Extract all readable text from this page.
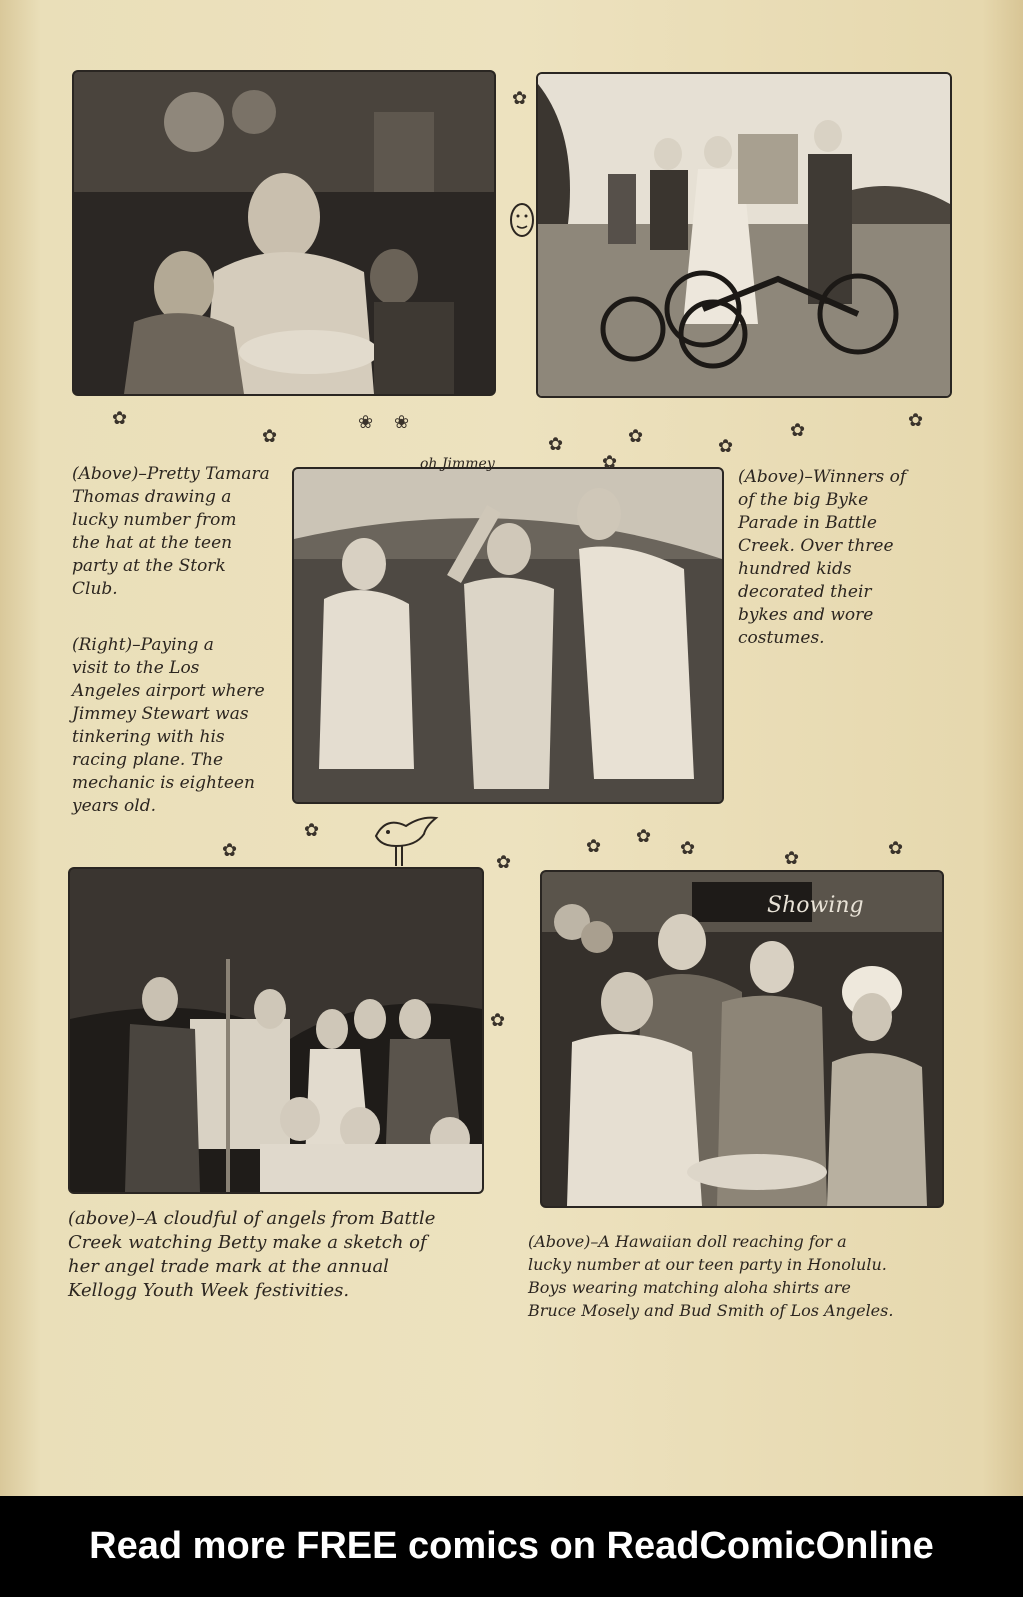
Showing
(Above)–Pretty Tamara
Thomas drawing a
lucky number from
the hat at the teen
party at the Stork
Club.
(Right)–Paying a
visit to the Los
Angeles airport where
Jimmey Stewart was
tinkering with his
racing plane. The
mechanic is eighteen
years old.
(Above)–Winners of
of the big Byke
Parade in Battle
Creek. Over three
hundred kids
decorated their
bykes and wore
costumes.
(above)–A cloudful of angels from Battle
Creek watching Betty make a sketch of
her angel trade mark at the annual
Kellogg Youth Week festivities.
(Above)–A Hawaiian doll reaching for a
lucky number at our teen party in Honolulu.
Boys wearing matching aloha shirts are
Bruce Mosely and Bud Smith of Los Angeles.
oh Jimmey
✿
✿
✿
❀ ❀
✿	✿
✿
✿
✿	✿
✿
✿	✿ ✿
✿
✿
✿
✿	✿
Read more FREE comics on ReadComicOnline
